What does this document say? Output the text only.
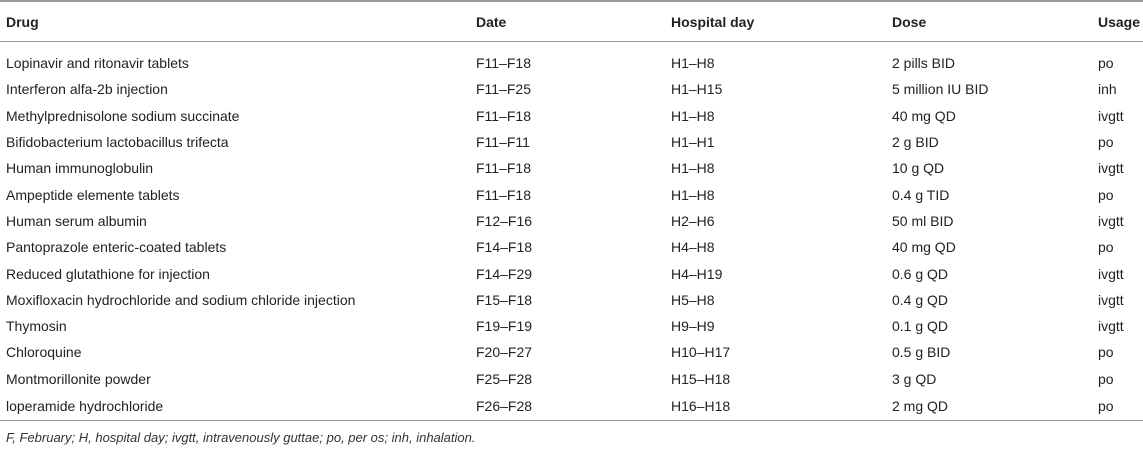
Drug	Date	Hospital day	Dose	Usage

Lopinavir and ritonavir tablets	F11–F18	H1–H8	2 pills BID	po
Interferon alfa-2b injection	F11–F25	H1–H15	5 million IU BID	inh
Methylprednisolone sodium succinate	F11–F18	H1–H8	40 mg QD	ivgtt
Bifidobacterium lactobacillus trifecta	F11–F11	H1–H1	2 g BID	po
Human immunoglobulin	F11–F18	H1–H8	10 g QD	ivgtt
Ampeptide elemente tablets	F11–F18	H1–H8	0.4 g TID	po
Human serum albumin	F12–F16	H2–H6	50 ml BID	ivgtt
Pantoprazole enteric-coated tablets	F14–F18	H4–H8	40 mg QD	po
Reduced glutathione for injection	F14–F29	H4–H19	0.6 g QD	ivgtt
Moxifloxacin hydrochloride and sodium chloride injection	F15–F18	H5–H8	0.4 g QD	ivgtt
Thymosin	F19–F19	H9–H9	0.1 g QD	ivgtt
Chloroquine	F20–F27	H10–H17	0.5 g BID	po
Montmorillonite powder	F25–F28	H15–H18	3 g QD	po
loperamide hydrochloride	F26–F28	H16–H18	2 mg QD	po
F, February; H, hospital day; ivgtt, intravenously guttae; po, per os; inh, inhalation.
